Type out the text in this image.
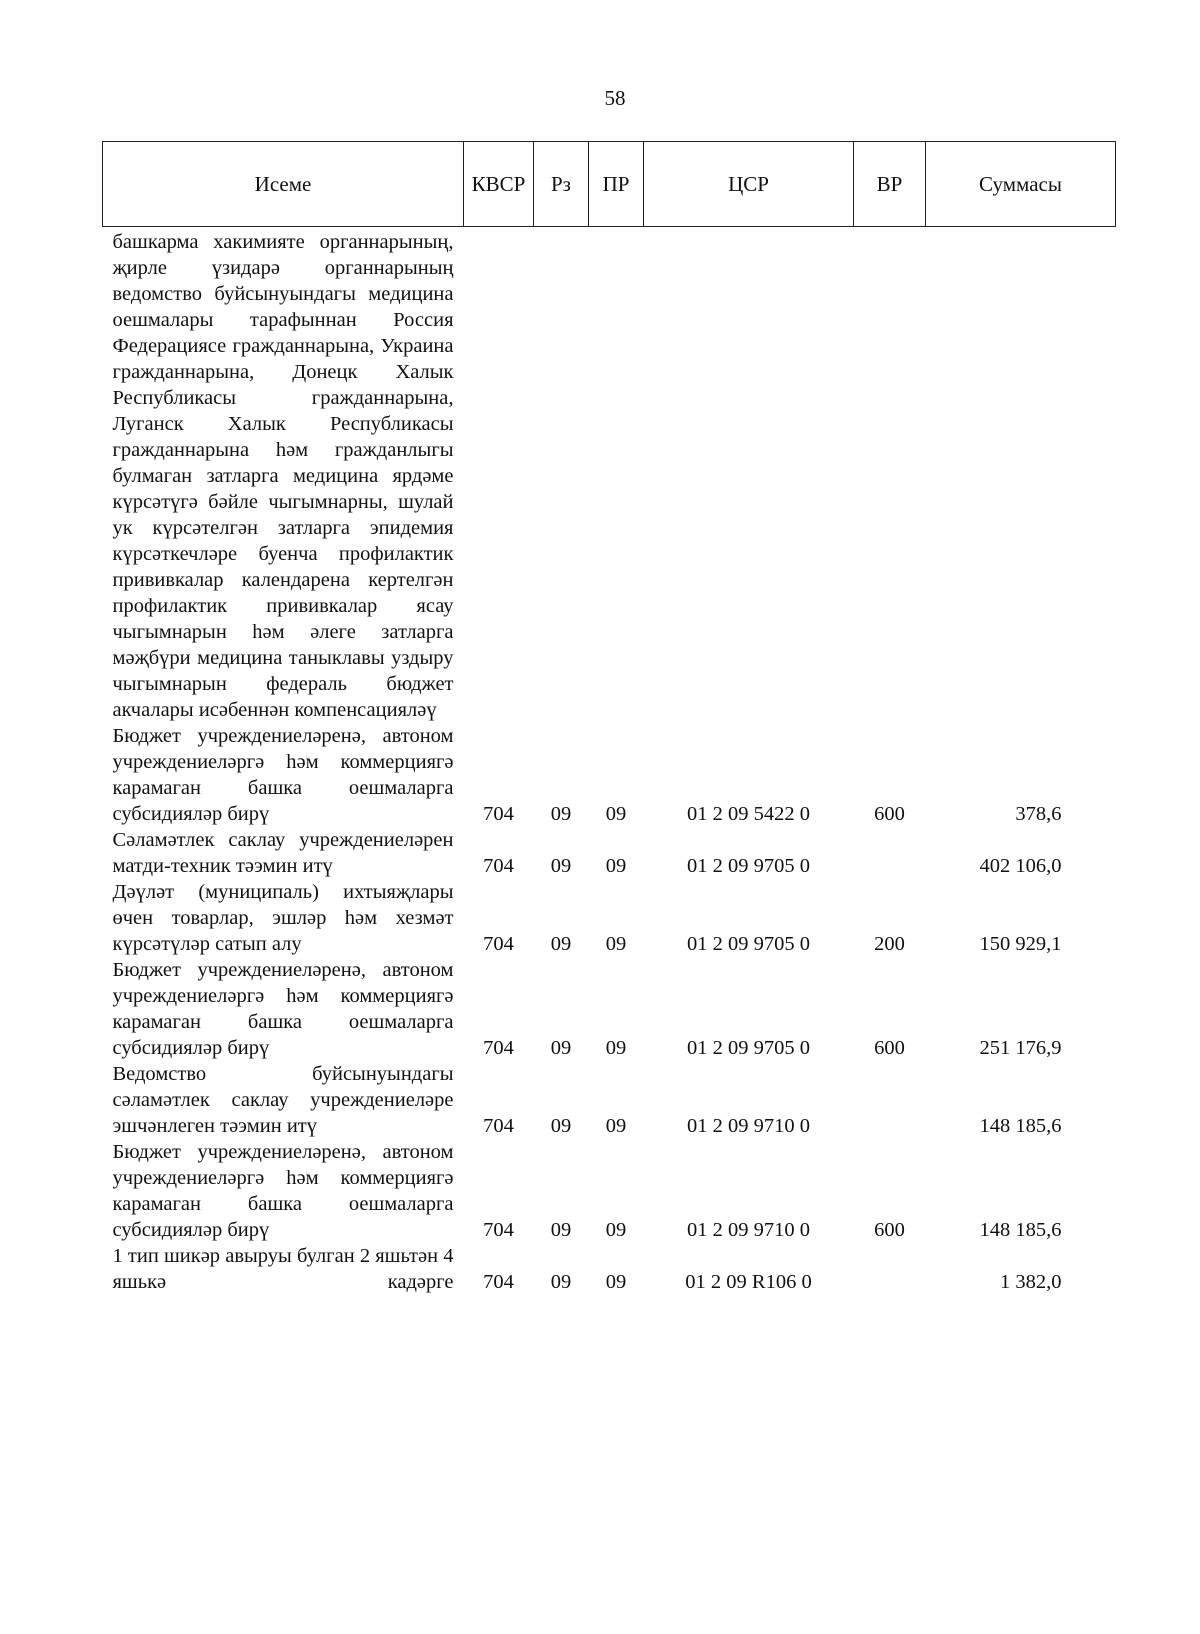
58
Исеме	КВСР	Рз	ПР	ЦСР	ВР	Суммасы
башкарма хакимияте органнарының, җирле үзидарә органнарының ведомство буйсынуындагы медицина оешмалары тарафыннан Россия Федерациясе гражданнарына, Украина гражданнарына, Донецк Халык Республикасы гражданнарына, Луганск Халык Республикасы гражданнарына һәм гражданлыгы булмаган затларга медицина ярдәме күрсәтүгә бәйле чыгымнарны, шулай ук күрсәтелгән затларга эпидемия күрсәткечләре буенча профилактик прививкалар календарена кертелгән профилактик прививкалар ясау чыгымнарын һәм әлеге затларга мәҗбүри медицина таныклавы уздыру чыгымнарын федераль бюджет акчалары исәбеннән компенсацияләү						
Бюджет учреждениеләренә, автоном учреждениеләргә һәм коммерциягә карамаган башка оешмаларга субсидияләр бирү	704	09	09	01 2 09 5422 0	600	378,6
Сәламәтлек саклау учреждениеләрен матди-техник тәэмин итү	704	09	09	01 2 09 9705 0		402 106,0
Дәүләт (муниципаль) ихтыяҗлары өчен товарлар, эшләр һәм хезмәт күрсәтүләр сатып алу	704	09	09	01 2 09 9705 0	200	150 929,1
Бюджет учреждениеләренә, автоном учреждениеләргә һәм коммерциягә карамаган башка оешмаларга субсидияләр бирү	704	09	09	01 2 09 9705 0	600	251 176,9
Ведомство буйсынуындагы сәламәтлек саклау учреждениеләре эшчәнлеген тәэмин итү	704	09	09	01 2 09 9710 0		148 185,6
Бюджет учреждениеләренә, автоном учреждениеләргә һәм коммерциягә карамаган башка оешмаларга субсидияләр бирү	704	09	09	01 2 09 9710 0	600	148 185,6
1 тип шикәр авыруы булган 2 яшьтән 4 яшькә кадәрге	704	09	09	01 2 09 R106 0		1 382,0
